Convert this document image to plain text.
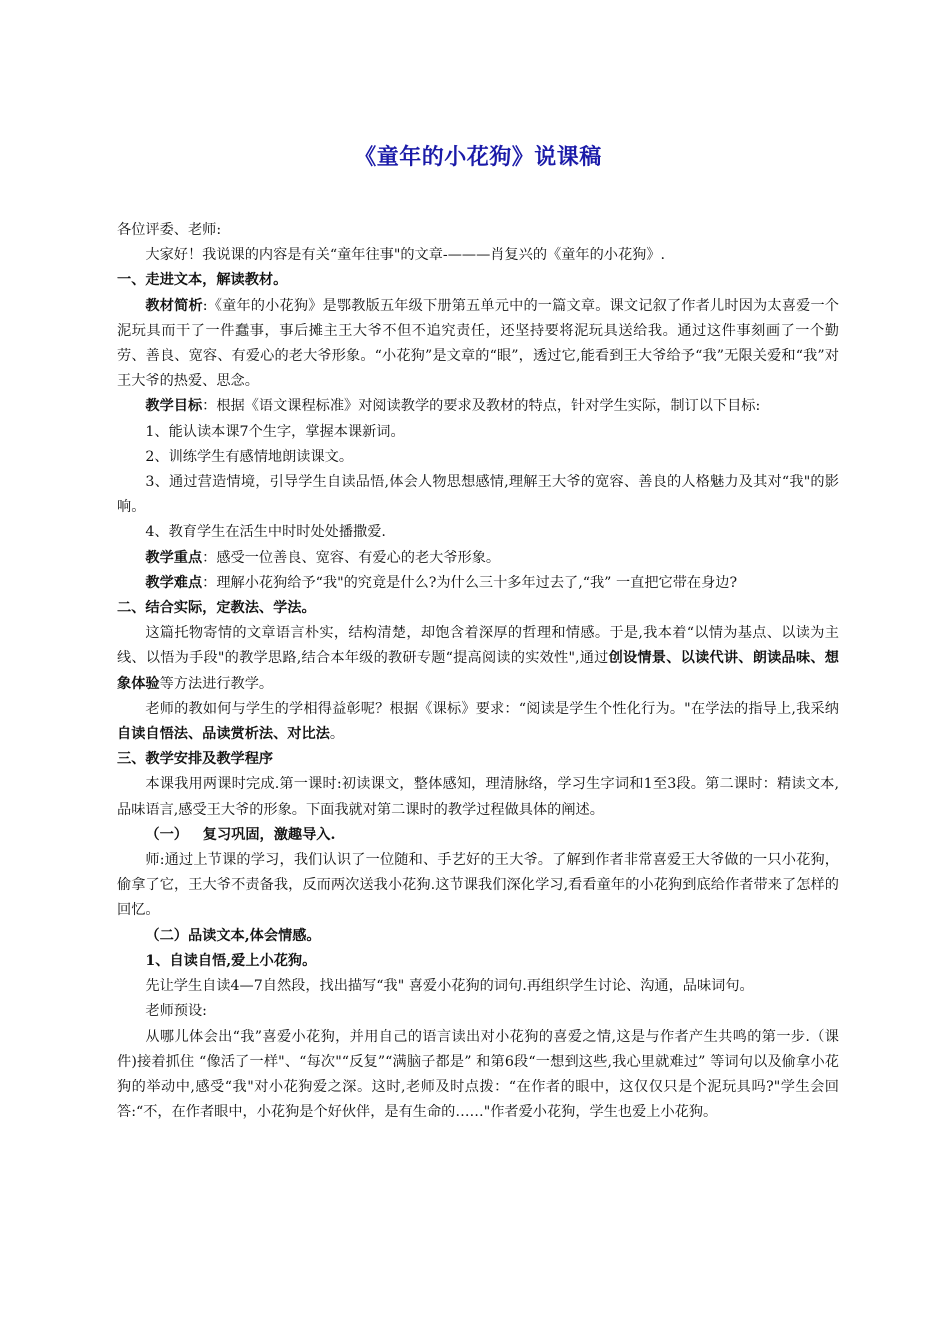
《童年的小花狗》说课稿

各位评委、老师:

大家好！我说课的内容是有关“童年往事"的文章-———肖复兴的《童年的小花狗》.

一、走进文本，解读教材。

教材简析:《童年的小花狗》是鄂教版五年级下册第五单元中的一篇文章。课文记叙了作者儿时因为太喜爱一个泥玩具而干了一件蠢事，事后摊主王大爷不但不追究责任，还坚持要将泥玩具送给我。通过这件事刻画了一个勤劳、善良、宽容、有爱心的老大爷形象。“小花狗”是文章的“眼”，透过它,能看到王大爷给予“我”无限关爱和“我”对王大爷的热爱、思念。

教学目标：根据《语文课程标准》对阅读教学的要求及教材的特点，针对学生实际，制订以下目标:

1、能认读本课7个生字，掌握本课新词。

2、训练学生有感情地朗读课文。

3、通过营造情境，引导学生自读品悟,体会人物思想感情,理解王大爷的宽容、善良的人格魅力及其对“我"的影响。

4、教育学生在活生中时时处处播撒爱.

教学重点：感受一位善良、宽容、有爱心的老大爷形象。

教学难点：理解小花狗给予“我"的究竟是什么?为什么三十多年过去了,“我” 一直把它带在身边?

二、结合实际，定教法、学法。

这篇托物寄情的文章语言朴实，结构清楚，却饱含着深厚的哲理和情感。于是,我本着“以情为基点、以读为主线、以悟为手段"的教学思路,结合本年级的教研专题“提高阅读的实效性",通过创设情景、以读代讲、朗读品味、想象体验等方法进行教学。

老师的教如何与学生的学相得益彰呢？根据《课标》要求：“阅读是学生个性化行为。"在学法的指导上,我采纳自读自悟法、品读赏析法、对比法。

三、教学安排及教学程序

本课我用两课时完成.第一课时:初读课文，整体感知，理清脉络，学习生字词和1至3段。第二课时：精读文本,品味语言,感受王大爷的形象。下面我就对第二课时的教学过程做具体的阐述。

（一）   复习巩固，激趣导入.

师:通过上节课的学习，我们认识了一位随和、手艺好的王大爷。了解到作者非常喜爱王大爷做的一只小花狗，偷拿了它，王大爷不责备我，反而两次送我小花狗.这节课我们深化学习,看看童年的小花狗到底给作者带来了怎样的回忆。

（二）品读文本,体会情感。

1、自读自悟,爱上小花狗。

先让学生自读4—7自然段，找出描写“我" 喜爱小花狗的词句.再组织学生讨论、沟通，品味词句。

老师预设:

从哪儿体会出“我”喜爱小花狗，并用自己的语言读出对小花狗的喜爱之情,这是与作者产生共鸣的第一步.（课件)接着抓住 “像活了一样"、“每次"“反复”“满脑子都是” 和第6段“一想到这些,我心里就难过” 等词句以及偷拿小花狗的举动中,感受“我"对小花狗爱之深。这时,老师及时点拨：“在作者的眼中，这仅仅只是个泥玩具吗?"学生会回答:“不，在作者眼中，小花狗是个好伙伴，是有生命的……"作者爱小花狗，学生也爱上小花狗。
